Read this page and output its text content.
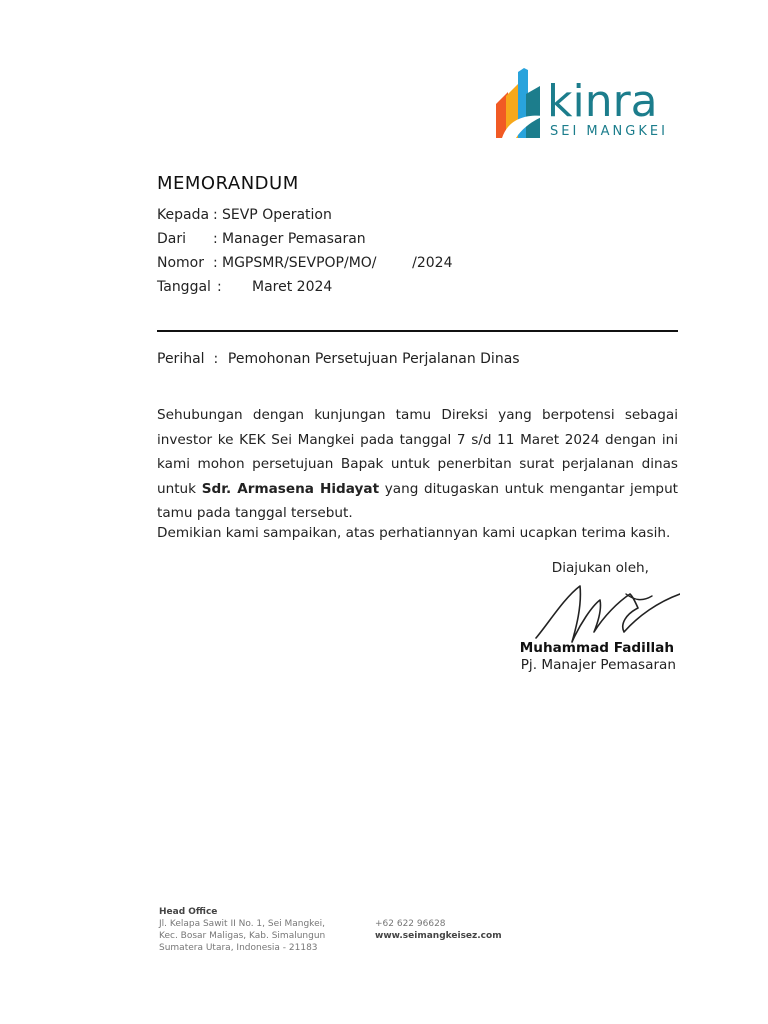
kinra
SEI MANGKEI
MEMORANDUM
Kepada : SEVP Operation
Dari : Manager Pemasaran
Nomor : MGPSMR/SEVPOP/MO/        /2024
Tanggal : Maret 2024
Perihal : Pemohonan Persetujuan Perjalanan Dinas
Sehubungan dengan kunjungan tamu Direksi yang berpotensi sebagai investor ke KEK Sei Mangkei pada tanggal 7 s/d 11 Maret 2024 dengan ini kami mohon persetujuan Bapak untuk penerbitan surat perjalanan dinas untuk Sdr. Armasena Hidayat yang ditugaskan untuk mengantar jemput tamu pada tanggal tersebut.
Demikian kami sampaikan, atas perhatiannyan kami ucapkan terima kasih.
Diajukan oleh,
Muhammad Fadillah
Pj. Manajer Pemasaran
Head Office
Jl. Kelapa Sawit II No. 1, Sei Mangkei,
Kec. Bosar Maligas, Kab. Simalungun
Sumatera Utara, Indonesia - 21183
+62 622 96628
www.seimangkeisez.com
